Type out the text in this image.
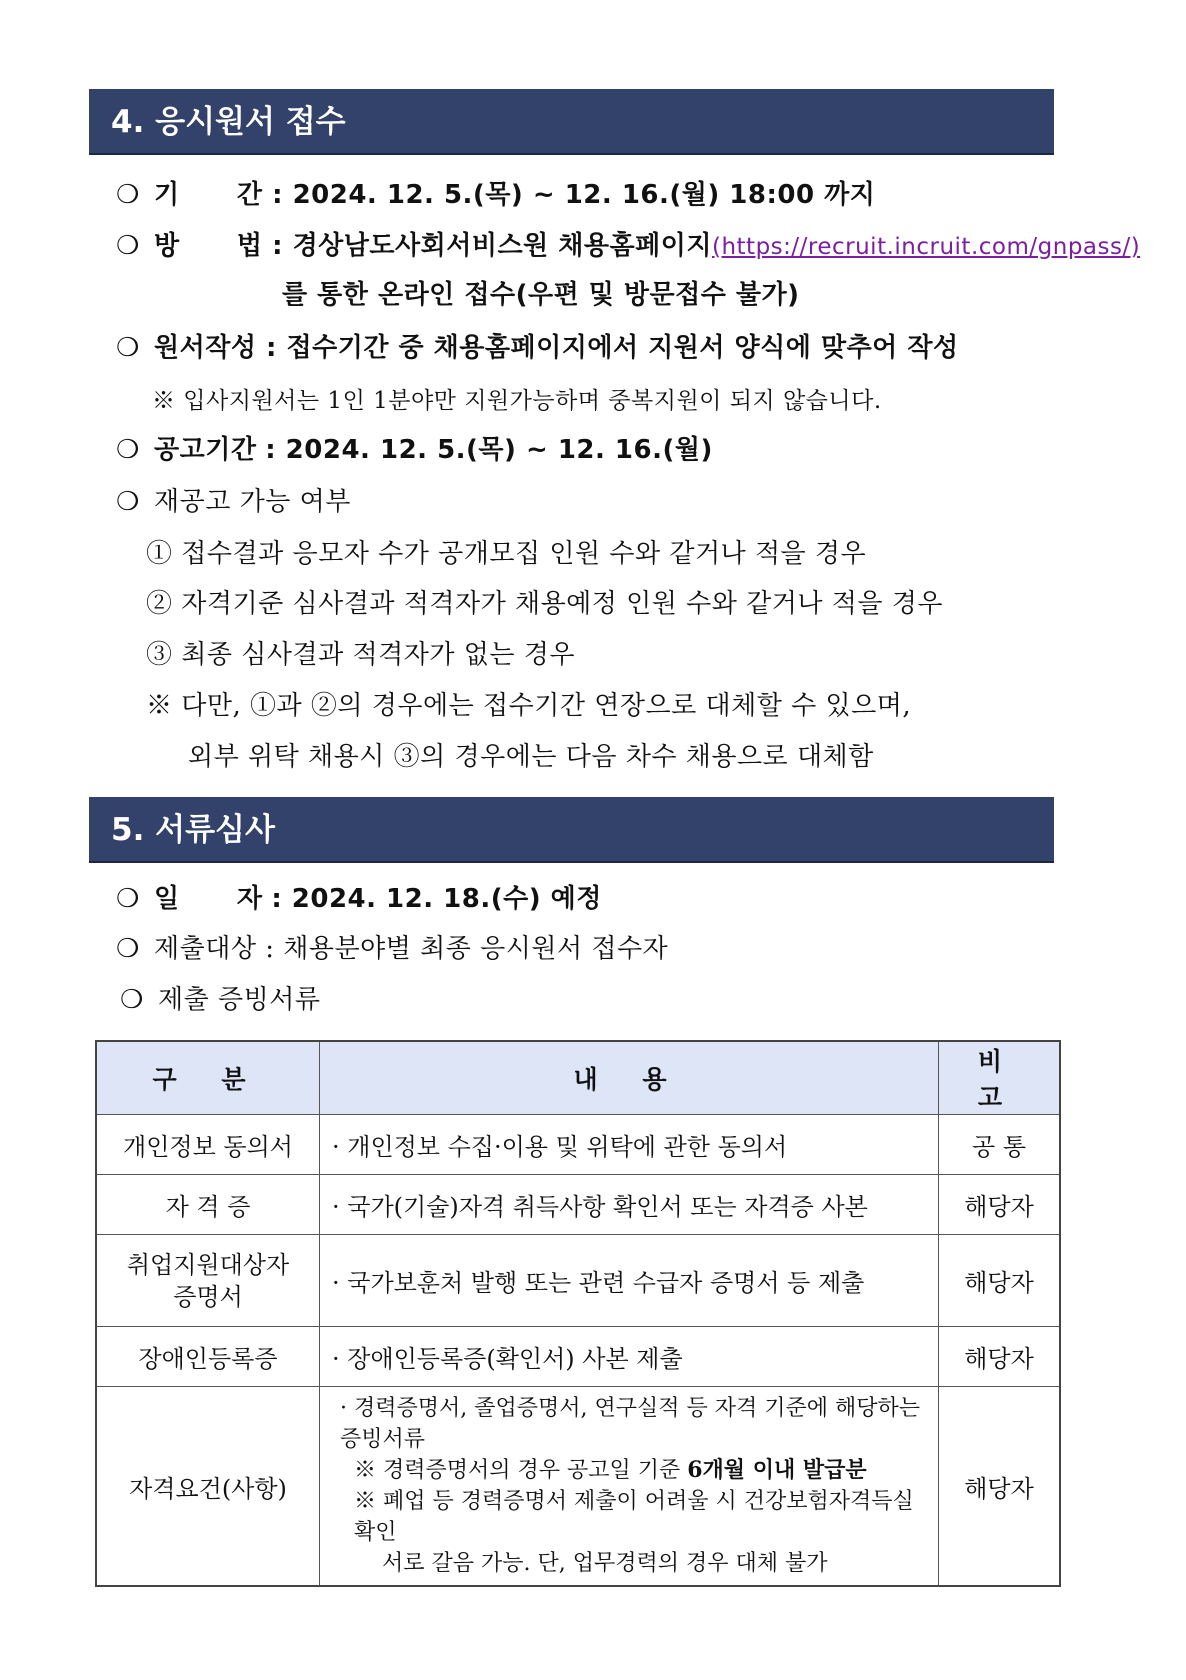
4. 응시원서 접수
❍ 기      간 : 2024. 12. 5.(목) ~ 12. 16.(월) 18:00 까지
❍ 방      법 : 경상남도사회서비스원 채용홈페이지(https://recruit.incruit.com/gnpass/)
를 통한 온라인 접수(우편 및 방문접수 불가)
❍ 원서작성 : 접수기간 중 채용홈페이지에서 지원서 양식에 맞추어 작성
※ 입사지원서는 1인 1분야만 지원가능하며 중복지원이 되지 않습니다.
❍ 공고기간 : 2024. 12. 5.(목) ~ 12. 16.(월)
❍ 재공고 가능 여부
① 접수결과 응모자 수가 공개모집 인원 수와 같거나 적을 경우
② 자격기준 심사결과 적격자가 채용예정 인원 수와 같거나 적을 경우
③ 최종 심사결과 적격자가 없는 경우
※ 다만, ①과 ②의 경우에는 접수기간 연장으로 대체할 수 있으며,
외부 위탁 채용시 ③의 경우에는 다음 차수 채용으로 대체함
5. 서류심사
❍ 일      자 : 2024. 12. 18.(수) 예정
❍ 제출대상 : 채용분야별 최종 응시원서 접수자
❍ 제출 증빙서류
구 분	내 용	비 고
개인정보 동의서	· 개인정보 수집·이용 및 위탁에 관한 동의서	공 통
자 격 증	· 국가(기술)자격 취득사항 확인서 또는 자격증 사본	해당자
취업지원대상자
증명서	· 국가보훈처 발행 또는 관련 수급자 증명서 등 제출	해당자
장애인등록증	· 장애인등록증(확인서) 사본 제출	해당자
자격요건(사항)	· 경력증명서, 졸업증명서, 연구실적 등 자격 기준에 해당하는 증빙서류
※ 경력증명서의 경우 공고일 기준 6개월 이내 발급분
※ 폐업 등 경력증명서 제출이 어려울 시 건강보험자격득실확인
서로 갈음 가능. 단, 업무경력의 경우 대체 불가	해당자
